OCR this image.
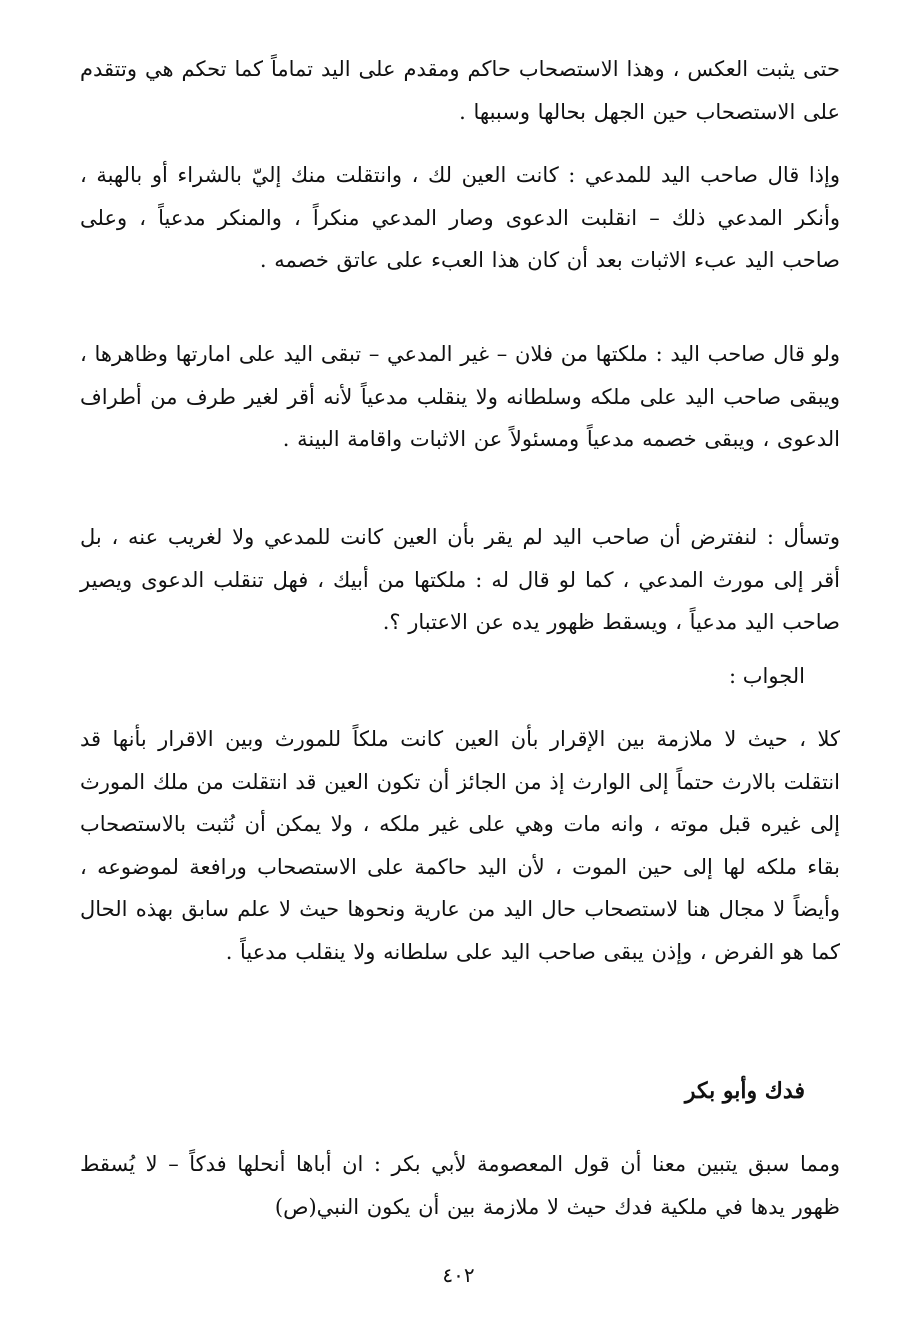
حتى يثبت العكس ، وهذا الاستصحاب حاكم ومقدم على اليد تماماً كما تحكم هي وتتقدم على الاستصحاب حين الجهل بحالها وسببها .

وإذا قال صاحب اليد للمدعي : كانت العين لك ، وانتقلت منك إليّ بالشراء أو بالهبة ، وأنكر المدعي ذلك – انقلبت الدعوى وصار المدعي منكراً ، والمنكر مدعياً ، وعلى صاحب اليد عبء الاثبات بعد أن كان هذا العبء على عاتق خصمه .

ولو قال صاحب اليد : ملكتها من فلان – غير المدعي – تبقى اليد على امارتها وظاهرها ، ويبقى صاحب اليد على ملكه وسلطانه ولا ينقلب مدعياً لأنه أقر لغير طرف من أطراف الدعوى ، ويبقى خصمه مدعياً ومسئولاً عن الاثبات واقامة البينة .

وتسأل : لنفترض أن صاحب اليد لم يقر بأن العين كانت للمدعي ولا لغريب عنه ، بل أقر إلى مورث المدعي ، كما لو قال له : ملكتها من أبيك ، فهل تنقلب الدعوى ويصير صاحب اليد مدعياً ، ويسقط ظهور يده عن الاعتبار ؟.

الجواب :

كلا ، حيث لا ملازمة بين الإقرار بأن العين كانت ملكاً للمورث وبين الاقرار بأنها قد انتقلت بالارث حتماً إلى الوارث إذ من الجائز أن تكون العين قد انتقلت من ملك المورث إلى غيره قبل موته ، وانه مات وهي على غير ملكه ، ولا يمكن أن نُثبت بالاستصحاب بقاء ملكه لها إلى حين الموت ، لأن اليد حاكمة على الاستصحاب ورافعة لموضوعه ، وأيضاً لا مجال هنا لاستصحاب حال اليد من عارية ونحوها حيث لا علم سابق بهذه الحال كما هو الفرض ، وإذن يبقى صاحب اليد على سلطانه ولا ينقلب مدعياً .

فدك وأبو بكر

ومما سبق يتبين معنا أن قول المعصومة لأبي بكر : ان أباها أنحلها فدكاً – لا يُسقط ظهور يدها في ملكية فدك حيث لا ملازمة بين أن يكون النبي(ص)

٤٠٢
